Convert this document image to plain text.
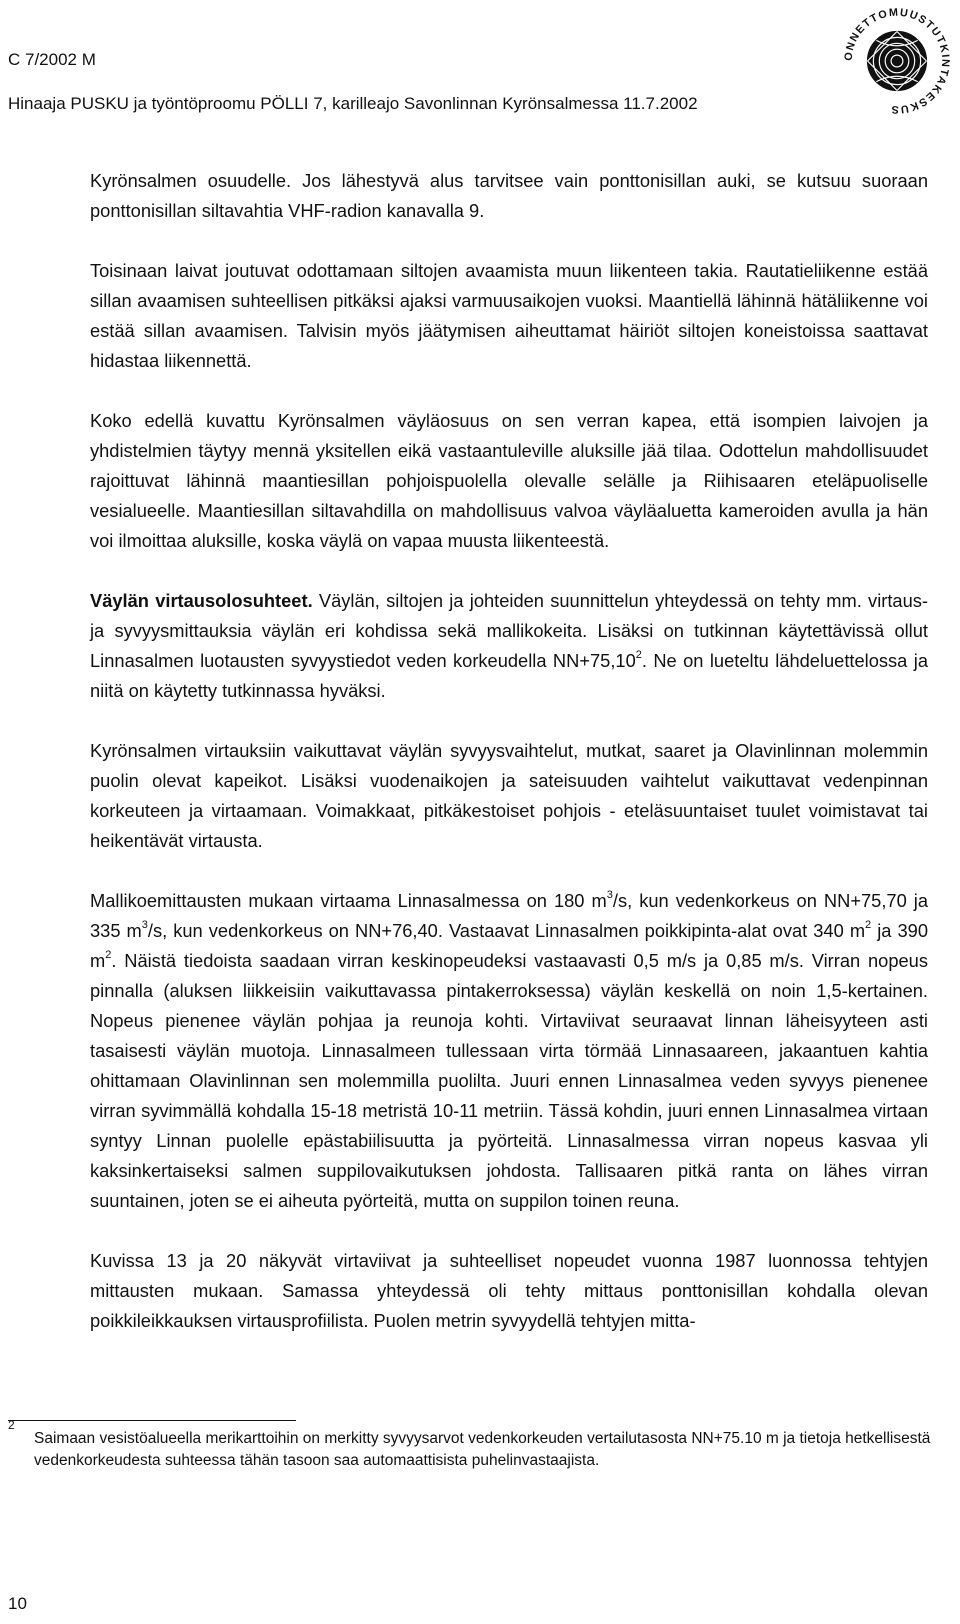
C 7/2002 M

Hinaaja PUSKU ja työntöproomu PÖLLI 7, karilleajo Savonlinnan Kyrönsalmessa 11.7.2002

ONNETTOMUUSTUTKINTAKESKUS

Kyrönsalmen osuudelle. Jos lähestyvä alus tarvitsee vain ponttonisillan auki, se kutsuu suoraan ponttonisillan siltavahtia VHF-radion kanavalla 9.

Toisinaan laivat joutuvat odottamaan siltojen avaamista muun liikenteen takia. Rautatieliikenne estää sillan avaamisen suhteellisen pitkäksi ajaksi varmuusaikojen vuoksi. Maantiellä lähinnä hätäliikenne voi estää sillan avaamisen. Talvisin myös jäätymisen aiheuttamat häiriöt siltojen koneistoissa saattavat hidastaa liikennettä.

Koko edellä kuvattu Kyrönsalmen väyläosuus on sen verran kapea, että isompien laivojen ja yhdistelmien täytyy mennä yksitellen eikä vastaantuleville aluksille jää tilaa. Odottelun mahdollisuudet rajoittuvat lähinnä maantiesillan pohjoispuolella olevalle selälle ja Riihisaaren eteläpuoliselle vesialueelle. Maantiesillan siltavahdilla on mahdollisuus valvoa väyläaluetta kameroiden avulla ja hän voi ilmoittaa aluksille, koska väylä on vapaa muusta liikenteestä.

Väylän virtausolosuhteet. Väylän, siltojen ja johteiden suunnittelun yhteydessä on tehty mm. virtaus- ja syvyysmittauksia väylän eri kohdissa sekä mallikokeita. Lisäksi on tutkinnan käytettävissä ollut Linnasalmen luotausten syvyystiedot veden korkeudella $NN+75,10^2$. Ne on lueteltu lähdeluettelossa ja niitä on käytetty tutkinnassa hyväksi.

Kyrönsalmen virtauksiin vaikuttavat väylän syvyysvaihtelut, mutkat, saaret ja Olavinlinnan molemmin puolin olevat kapeikot. Lisäksi vuodenaikojen ja sateisuuden vaihtelut vaikuttavat vedenpinnan korkeuteen ja virtaamaan. Voimakkaat, pitkäkestoiset pohjois - eteläsuuntaiset tuulet voimistavat tai heikentävät virtausta.

Mallikoemittausten mukaan virtaama Linnasalmessa on 180 $m^3/s$, kun vedenkorkeus on NN+75,70 ja 335 $m^3/s$, kun vedenkorkeus on NN+76,40. Vastaavat Linnasalmen poikkipinta-alat ovat 340 $m^2$ ja 390 $m^2$. Näistä tiedoista saadaan virran keskinopeudeksi vastaavasti 0,5 m/s ja 0,85 m/s. Virran nopeus pinnalla (aluksen liikkeisiin vaikuttavassa pintakerroksessa) väylän keskellä on noin 1,5-kertainen. Nopeus pienenee väylän pohjaa ja reunoja kohti. Virtaviivat seuraavat linnan läheisyyteen asti tasaisesti väylän muotoja. Linnasalmeen tullessaan virta törmää Linnasaareen, jakaantuen kahtia ohittamaan Olavinlinnan sen molemmilla puolilta. Juuri ennen Linnasalmea veden syvyys pienenee virran syvimmällä kohdalla 15-18 metristä 10-11 metriin. Tässä kohdin, juuri ennen Linnasalmea virtaan syntyy Linnan puolelle epästabiilisuutta ja pyörteitä. Linnasalmessa virran nopeus kasvaa yli kaksinkertaiseksi salmen suppilovaikutuksen johdosta. Tallisaaren pitkä ranta on lähes virran suuntainen, joten se ei aiheuta pyörteitä, mutta on suppilon toinen reuna.

Kuvissa 13 ja 20 näkyvät virtaviivat ja suhteelliset nopeudet vuonna 1987 luonnossa tehtyjen mittausten mukaan. Samassa yhteydessä oli tehty mittaus ponttonisillan kohdalla olevan poikkileikkauksen virtausprofiilista. Puolen metrin syvyydellä tehtyjen mitta-

2

Saimaan vesistöalueella merikarttoihin on merkitty syvyysarvot vedenkorkeuden vertailutasosta NN+75.10 m ja tietoja hetkellisestä vedenkorkeudesta suhteessa tähän tasoon saa automaattisista puhelinvastaajista.

10
